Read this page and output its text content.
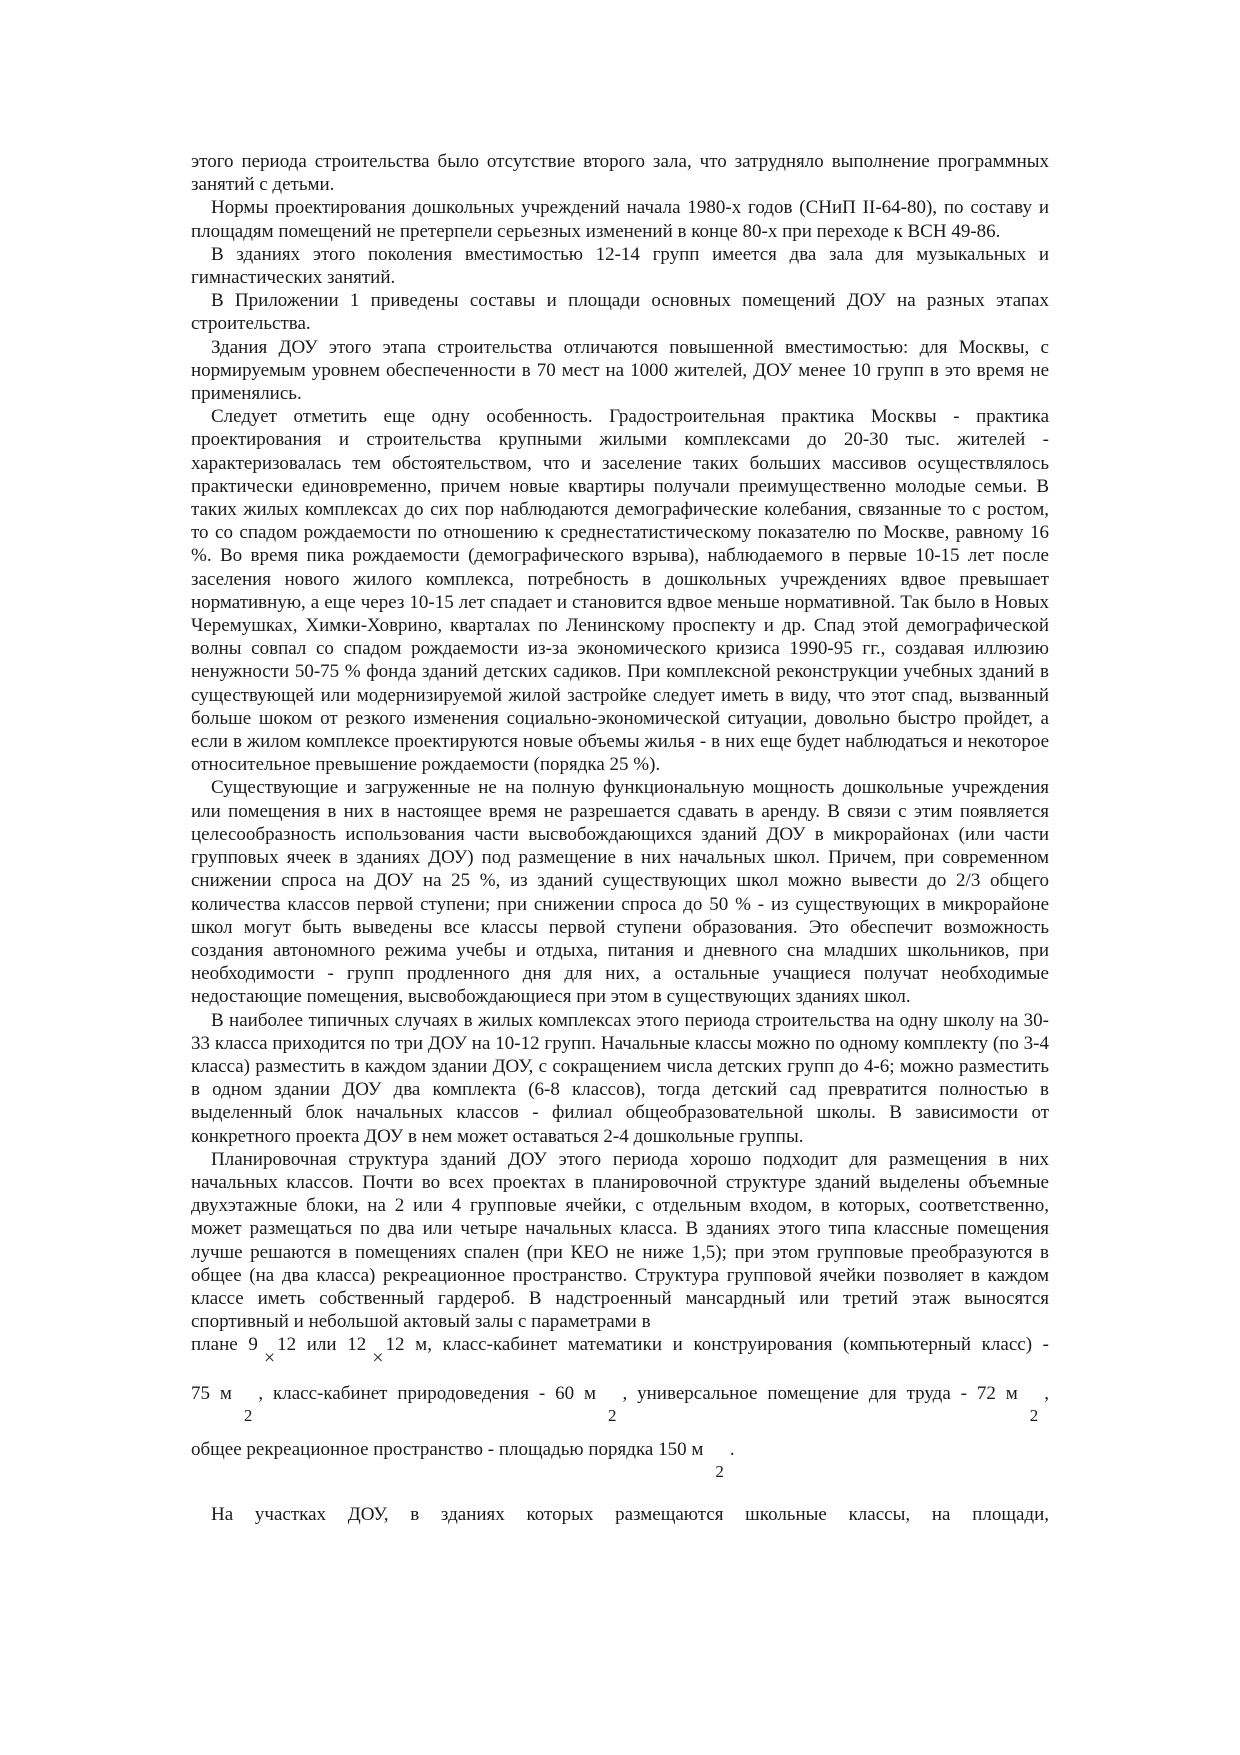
этого периода строительства было отсутствие второго зала, что затрудняло выполнение программных занятий с детьми.

Нормы проектирования дошкольных учреждений начала 1980-х годов (СНиП II-64-80), по составу и площадям помещений не претерпели серьезных изменений в конце 80-х при переходе к ВСН 49-86.

В зданиях этого поколения вместимостью 12-14 групп имеется два зала для музыкальных и гимнастических занятий.

В Приложении 1 приведены составы и площади основных помещений ДОУ на разных этапах строительства.

Здания ДОУ этого этапа строительства отличаются повышенной вместимостью: для Москвы, с нормируемым уровнем обеспеченности в 70 мест на 1000 жителей, ДОУ менее 10 групп в это время не применялись.

Следует отметить еще одну особенность. Градостроительная практика Москвы - практика проектирования и строительства крупными жилыми комплексами до 20-30 тыс. жителей - характеризовалась тем обстоятельством, что и заселение таких больших массивов осуществлялось практически единовременно, причем новые квартиры получали преимущественно молодые семьи. В таких жилых комплексах до сих пор наблюдаются демографические колебания, связанные то с ростом, то со спадом рождаемости по отношению к среднестатистическому показателю по Москве, равному 16 %. Во время пика рождаемости (демографического взрыва), наблюдаемого в первые 10-15 лет после заселения нового жилого комплекса, потребность в дошкольных учреждениях вдвое превышает нормативную, а еще через 10-15 лет спадает и становится вдвое меньше нормативной. Так было в Новых Черемушках, Химки-Ховрино, кварталах по Ленинскому проспекту и др. Спад этой демографической волны совпал со спадом рождаемости из-за экономического кризиса 1990-95 гг., создавая иллюзию ненужности 50-75 % фонда зданий детских садиков. При комплексной реконструкции учебных зданий в существующей или модернизируемой жилой застройке следует иметь в виду, что этот спад, вызванный больше шоком от резкого изменения социально-экономической ситуации, довольно быстро пройдет, а если в жилом комплексе проектируются новые объемы жилья - в них еще будет наблюдаться и некоторое относительное превышение рождаемости (порядка 25 %).

Существующие и загруженные не на полную функциональную мощность дошкольные учреждения или помещения в них в настоящее время не разрешается сдавать в аренду. В связи с этим появляется целесообразность использования части высвобождающихся зданий ДОУ в микрорайонах (или части групповых ячеек в зданиях ДОУ) под размещение в них начальных школ. Причем, при современном снижении спроса на ДОУ на 25 %, из зданий существующих школ можно вывести до 2/3 общего количества классов первой ступени; при снижении спроса до 50 % - из существующих в микрорайоне школ могут быть выведены все классы первой ступени образования. Это обеспечит возможность создания автономного режима учебы и отдыха, питания и дневного сна младших школьников, при необходимости - групп продленного дня для них, а остальные учащиеся получат необходимые недостающие помещения, высвобождающиеся при этом в существующих зданиях школ.

В наиболее типичных случаях в жилых комплексах этого периода строительства на одну школу на 30-33 класса приходится по три ДОУ на 10-12 групп. Начальные классы можно по одному комплекту (по 3-4 класса) разместить в каждом здании ДОУ, с сокращением числа детских групп до 4-6; можно разместить в одном здании ДОУ два комплекта (6-8 классов), тогда детский сад превратится полностью в выделенный блок начальных классов - филиал общеобразовательной школы. В зависимости от конкретного проекта ДОУ в нем может оставаться 2-4 дошкольные группы.

Планировочная структура зданий ДОУ этого периода хорошо подходит для размещения в них начальных классов. Почти во всех проектах в планировочной структуре зданий выделены объемные двухэтажные блоки, на 2 или 4 групповые ячейки, с отдельным входом, в которых, соответственно, может размещаться по два или четыре начальных класса. В зданиях этого типа классные помещения лучше решаются в помещениях спален (при КЕО не ниже 1,5); при этом групповые преобразуются в общее (на два класса) рекреационное пространство. Структура групповой ячейки позволяет в каждом классе иметь собственный гардероб. В надстроенный мансардный или третий этаж выносятся спортивный и небольшой актовый залы с параметрами в

плане 9×12 или 12×12 м, класс-кабинет математики и конструирования (компьютерный класс) -

75 м2, класс-кабинет природоведения - 60 м2, универсальное помещение для труда - 72 м2,

общее рекреационное пространство - площадью порядка 150 м2.

На участках ДОУ, в зданиях которых размещаются школьные классы, на площади,
